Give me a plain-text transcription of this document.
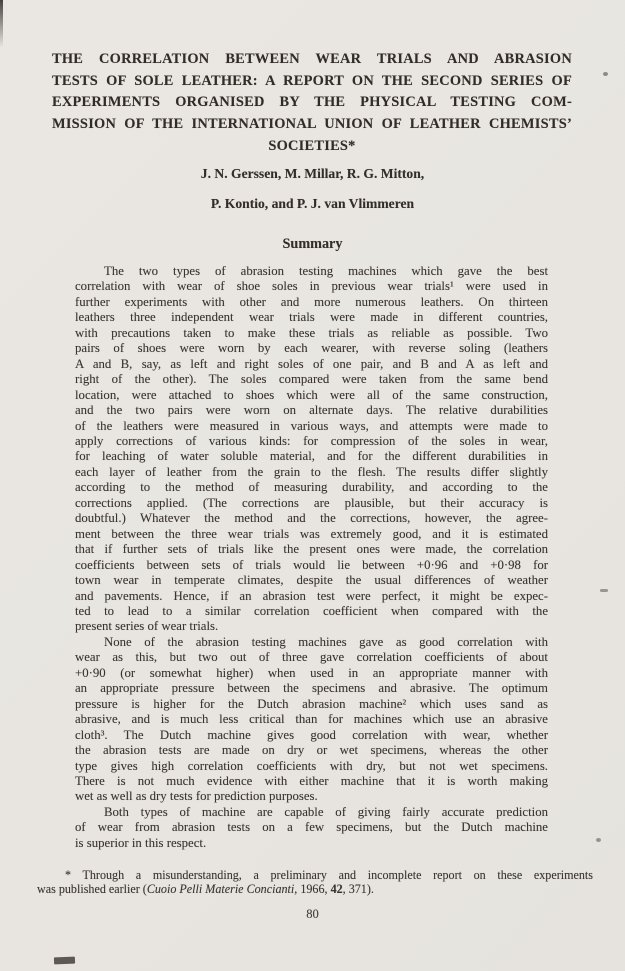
THE CORRELATION BETWEEN WEAR TRIALS AND ABRASION
TESTS OF SOLE LEATHER: A REPORT ON THE SECOND SERIES OF
EXPERIMENTS ORGANISED BY THE PHYSICAL TESTING COM-
MISSION OF THE INTERNATIONAL UNION OF LEATHER CHEMISTS’
SOCIETIES*
J. N. Gerssen, M. Millar, R. G. Mitton,
P. Kontio, and P. J. van Vlimmeren
Summary
The two types of abrasion testing machines which gave the best
correlation with wear of shoe soles in previous wear trials¹ were used in
further experiments with other and more numerous leathers. On thirteen
leathers three independent wear trials were made in different countries,
with precautions taken to make these trials as reliable as possible. Two
pairs of shoes were worn by each wearer, with reverse soling (leathers
A and B, say, as left and right soles of one pair, and B and A as left and
right of the other). The soles compared were taken from the same bend
location, were attached to shoes which were all of the same construction,
and the two pairs were worn on alternate days. The relative durabilities
of the leathers were measured in various ways, and attempts were made to
apply corrections of various kinds: for compression of the soles in wear,
for leaching of water soluble material, and for the different durabilities in
each layer of leather from the grain to the flesh. The results differ slightly
according to the method of measuring durability, and according to the
corrections applied. (The corrections are plausible, but their accuracy is
doubtful.) Whatever the method and the corrections, however, the agree-
ment between the three wear trials was extremely good, and it is estimated
that if further sets of trials like the present ones were made, the correlation
coefficients between sets of trials would lie between +0·96 and +0·98 for
town wear in temperate climates, despite the usual differences of weather
and pavements. Hence, if an abrasion test were perfect, it might be expec-
ted to lead to a similar correlation coefficient when compared with the
present series of wear trials.
None of the abrasion testing machines gave as good correlation with
wear as this, but two out of three gave correlation coefficients of about
+0·90 (or somewhat higher) when used in an appropriate manner with
an appropriate pressure between the specimens and abrasive. The optimum
pressure is higher for the Dutch abrasion machine² which uses sand as
abrasive, and is much less critical than for machines which use an abrasive
cloth³. The Dutch machine gives good correlation with wear, whether
the abrasion tests are made on dry or wet specimens, whereas the other
type gives high correlation coefficients with dry, but not wet specimens.
There is not much evidence with either machine that it is worth making
wet as well as dry tests for prediction purposes.
Both types of machine are capable of giving fairly accurate prediction
of wear from abrasion tests on a few specimens, but the Dutch machine
is superior in this respect.
* Through a misunderstanding, a preliminary and incomplete report on these experiments
was published earlier (Cuoio Pelli Materie Concianti, 1966, 42, 371).
80
